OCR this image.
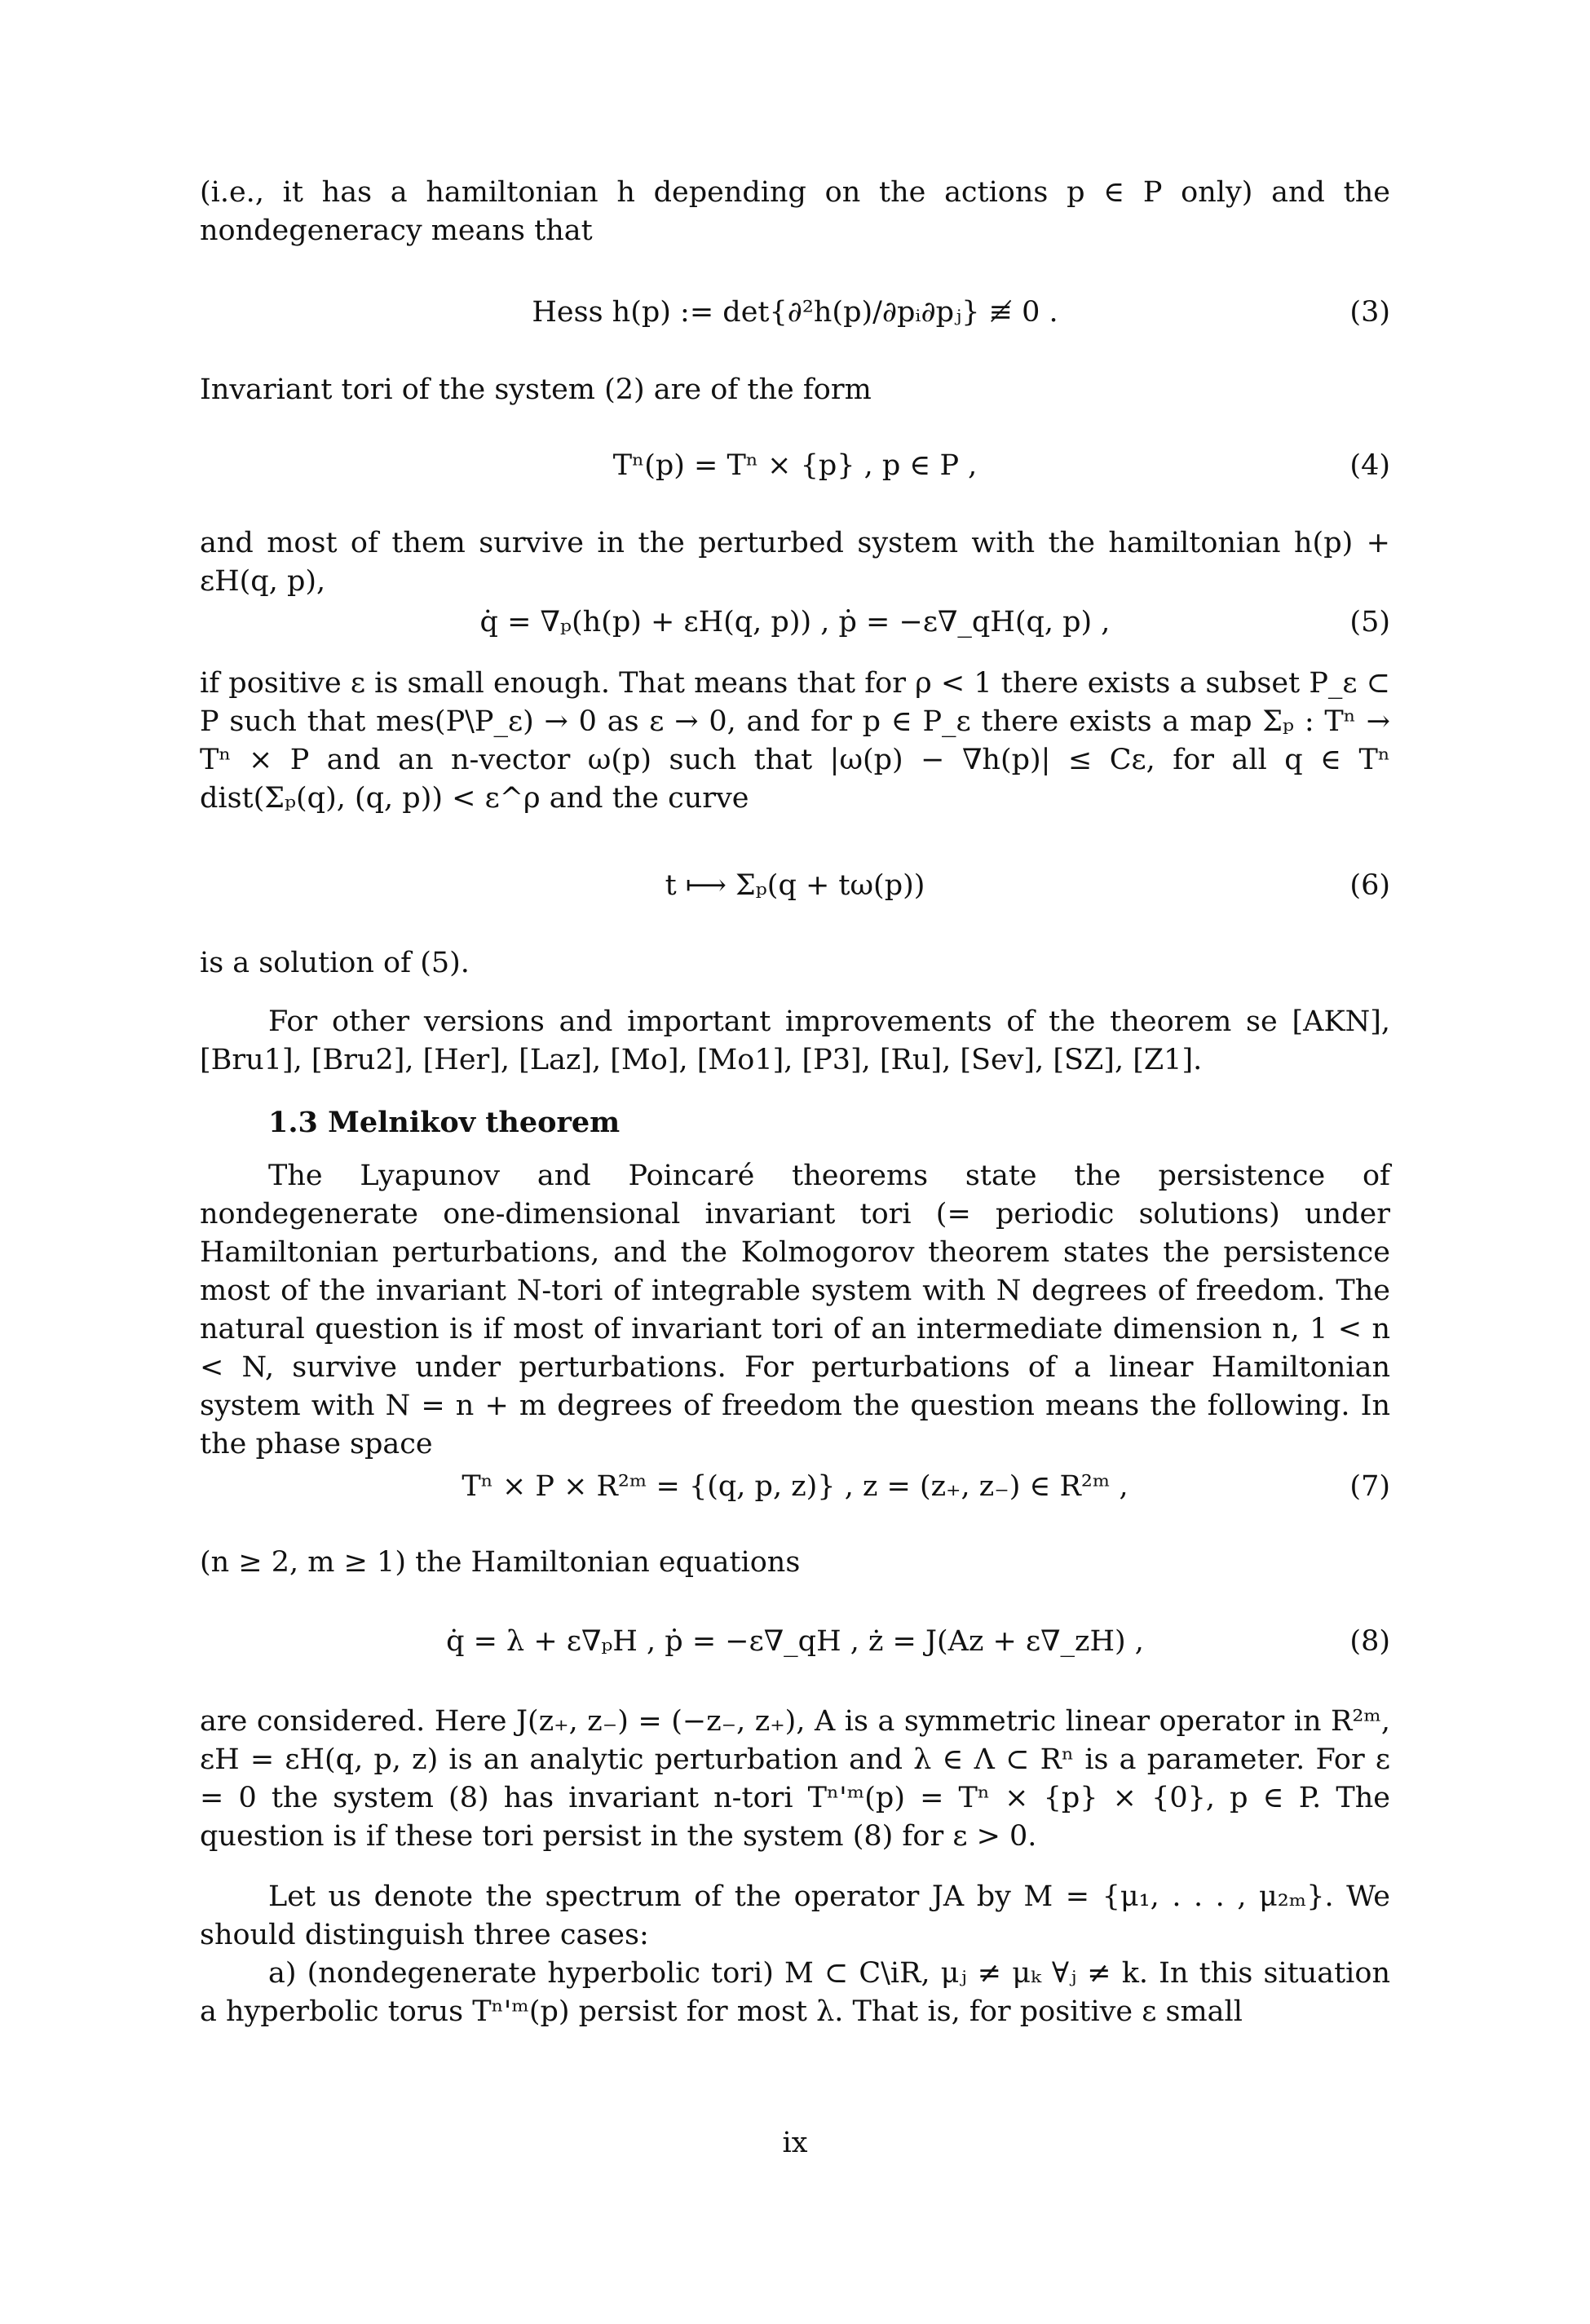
(i.e., it has a hamiltonian h depending on the actions p ∈ P only) and the nondegeneracy means that

Hess h(p) := det{∂²h(p)/∂pᵢ∂pⱼ} ≢ 0 .	(3)

Invariant tori of the system (2) are of the form

Tⁿ(p) = Tⁿ × {p} , p ∈ P ,	(4)

and most of them survive in the perturbed system with the hamiltonian h(p) + εH(q, p),

q̇ = ∇ₚ(h(p) + εH(q, p)) , ṗ = −ε∇_qH(q, p) ,	(5)

if positive ε is small enough. That means that for ρ < 1 there exists a subset P_ε ⊂ P such that mes(P\P_ε) → 0 as ε → 0, and for p ∈ P_ε there exists a map Σₚ : Tⁿ → Tⁿ × P and an n-vector ω(p) such that |ω(p) − ∇h(p)| ≤ Cε, for all q ∈ Tⁿ dist(Σₚ(q), (q, p)) < ε^ρ and the curve

t ⟼ Σₚ(q + tω(p))	(6)

is a solution of (5).

For other versions and important improvements of the theorem se [AKN], [Bru1], [Bru2], [Her], [Laz], [Mo], [Mo1], [P3], [Ru], [Sev], [SZ], [Z1].

1.3 Melnikov theorem

The Lyapunov and Poincaré theorems state the persistence of nondegenerate one-dimensional invariant tori (= periodic solutions) under Hamiltonian perturbations, and the Kolmogorov theorem states the persistence most of the invariant N-tori of integrable system with N degrees of freedom. The natural question is if most of invariant tori of an intermediate dimension n, 1 < n < N, survive under perturbations. For perturbations of a linear Hamiltonian system with N = n + m degrees of freedom the question means the following. In the phase space

Tⁿ × P × R²ᵐ = {(q, p, z)} , z = (z₊, z₋) ∈ R²ᵐ ,	(7)

(n ≥ 2, m ≥ 1) the Hamiltonian equations

q̇ = λ + ε∇ₚH , ṗ = −ε∇_qH , ż = J(Az + ε∇_zH) ,	(8)

are considered. Here J(z₊, z₋) = (−z₋, z₊), A is a symmetric linear operator in R²ᵐ, εH = εH(q, p, z) is an analytic perturbation and λ ∈ Λ ⊂ Rⁿ is a parameter. For ε = 0 the system (8) has invariant n-tori Tⁿ'ᵐ(p) = Tⁿ × {p} × {0}, p ∈ P. The question is if these tori persist in the system (8) for ε > 0.

Let us denote the spectrum of the operator JA by M = {μ₁, . . . , μ₂ₘ}. We should distinguish three cases:

a) (nondegenerate hyperbolic tori) M ⊂ C\iR, μⱼ ≠ μₖ ∀ⱼ ≠ k. In this situation a hyperbolic torus Tⁿ'ᵐ(p) persist for most λ. That is, for positive ε small

ix
